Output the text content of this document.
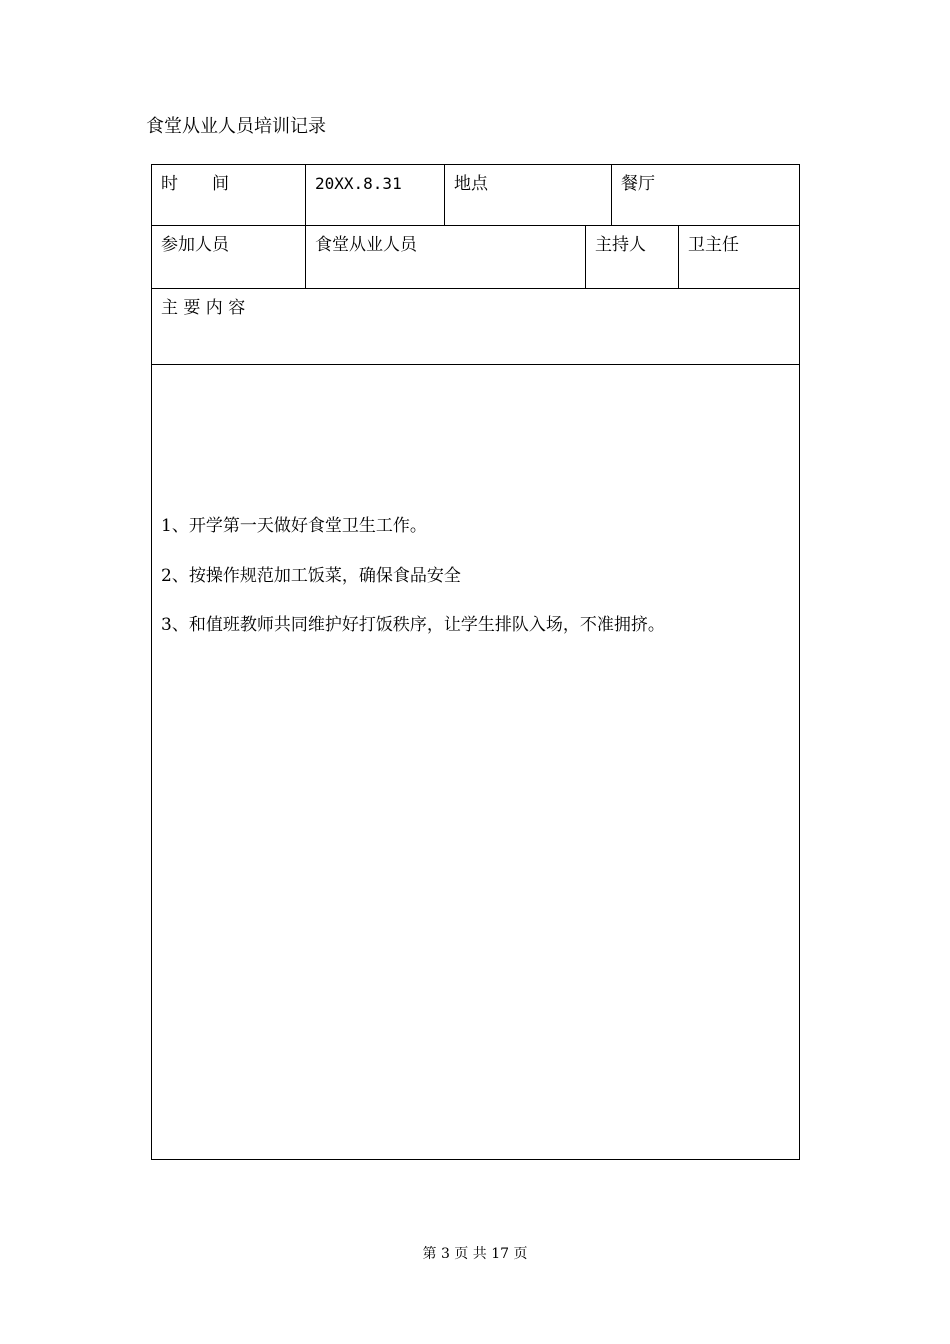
食堂从业人员培训记录
时　　间	20XX.8.31	地点	餐厅
参加人员	食堂从业人员	主持人	卫主任
主 要 内 容
1、开学第一天做好食堂卫生工作。
2、按操作规范加工饭菜，确保食品安全
3、和值班教师共同维护好打饭秩序，让学生排队入场，不准拥挤。
第 3 页 共 17 页
